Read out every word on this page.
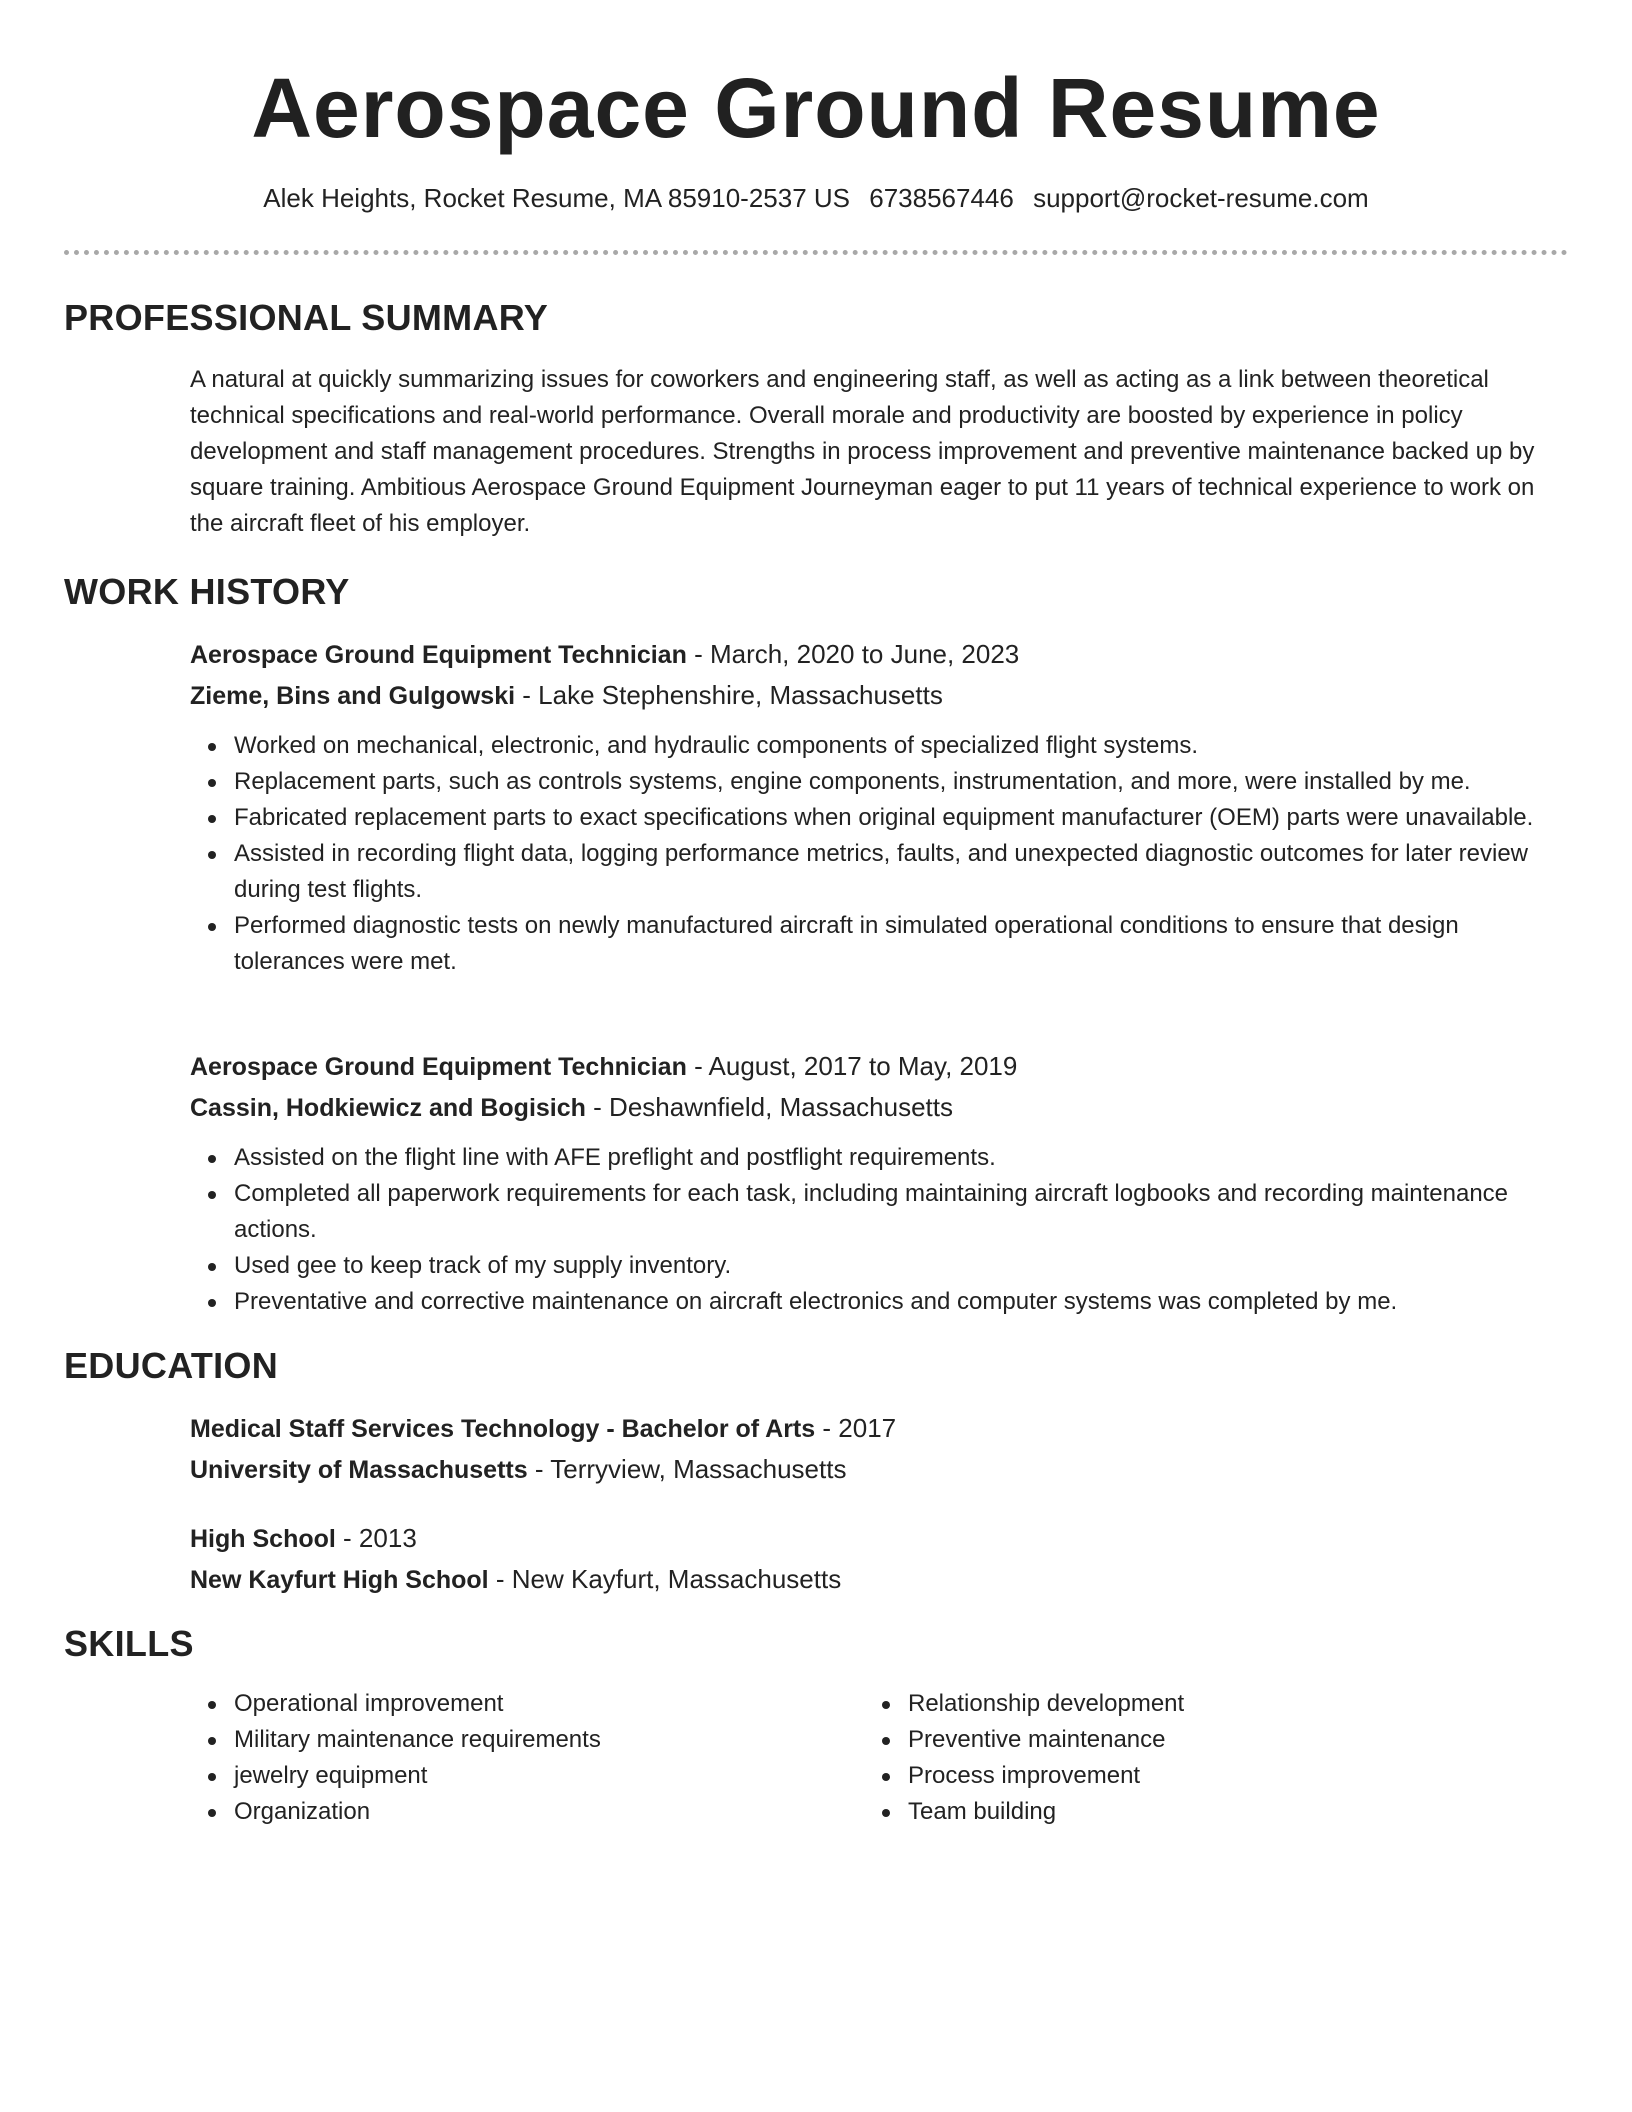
Aerospace Ground Resume
Alek Heights, Rocket Resume, MA 85910-2537 US 6738567446 support@rocket-resume.com
PROFESSIONAL SUMMARY

A natural at quickly summarizing issues for coworkers and engineering staff, as well as acting as a link between theoretical technical specifications and real-world performance. Overall morale and productivity are boosted by experience in policy development and staff management procedures. Strengths in process improvement and preventive maintenance backed up by square training. Ambitious Aerospace Ground Equipment Journeyman eager to put 11 years of technical experience to work on the aircraft fleet of his employer.

WORK HISTORY
Aerospace Ground Equipment Technician - March, 2020 to June, 2023
Zieme, Bins and Gulgowski - Lake Stephenshire, Massachusetts
Worked on mechanical, electronic, and hydraulic components of specialized flight systems.
Replacement parts, such as controls systems, engine components, instrumentation, and more, were installed by me.
Fabricated replacement parts to exact specifications when original equipment manufacturer (OEM) parts were unavailable.
Assisted in recording flight data, logging performance metrics, faults, and unexpected diagnostic outcomes for later review during test flights.
Performed diagnostic tests on newly manufactured aircraft in simulated operational conditions to ensure that design tolerances were met.
Aerospace Ground Equipment Technician - August, 2017 to May, 2019
Cassin, Hodkiewicz and Bogisich - Deshawnfield, Massachusetts
Assisted on the flight line with AFE preflight and postflight requirements.
Completed all paperwork requirements for each task, including maintaining aircraft logbooks and recording maintenance actions.
Used gee to keep track of my supply inventory.
Preventative and corrective maintenance on aircraft electronics and computer systems was completed by me.
EDUCATION
Medical Staff Services Technology - Bachelor of Arts - 2017
University of Massachusetts - Terryview, Massachusetts
High School - 2013
New Kayfurt High School - New Kayfurt, Massachusetts
SKILLS
Operational improvement
Military maintenance requirements
jewelry equipment
Organization
Relationship development
Preventive maintenance
Process improvement
Team building
